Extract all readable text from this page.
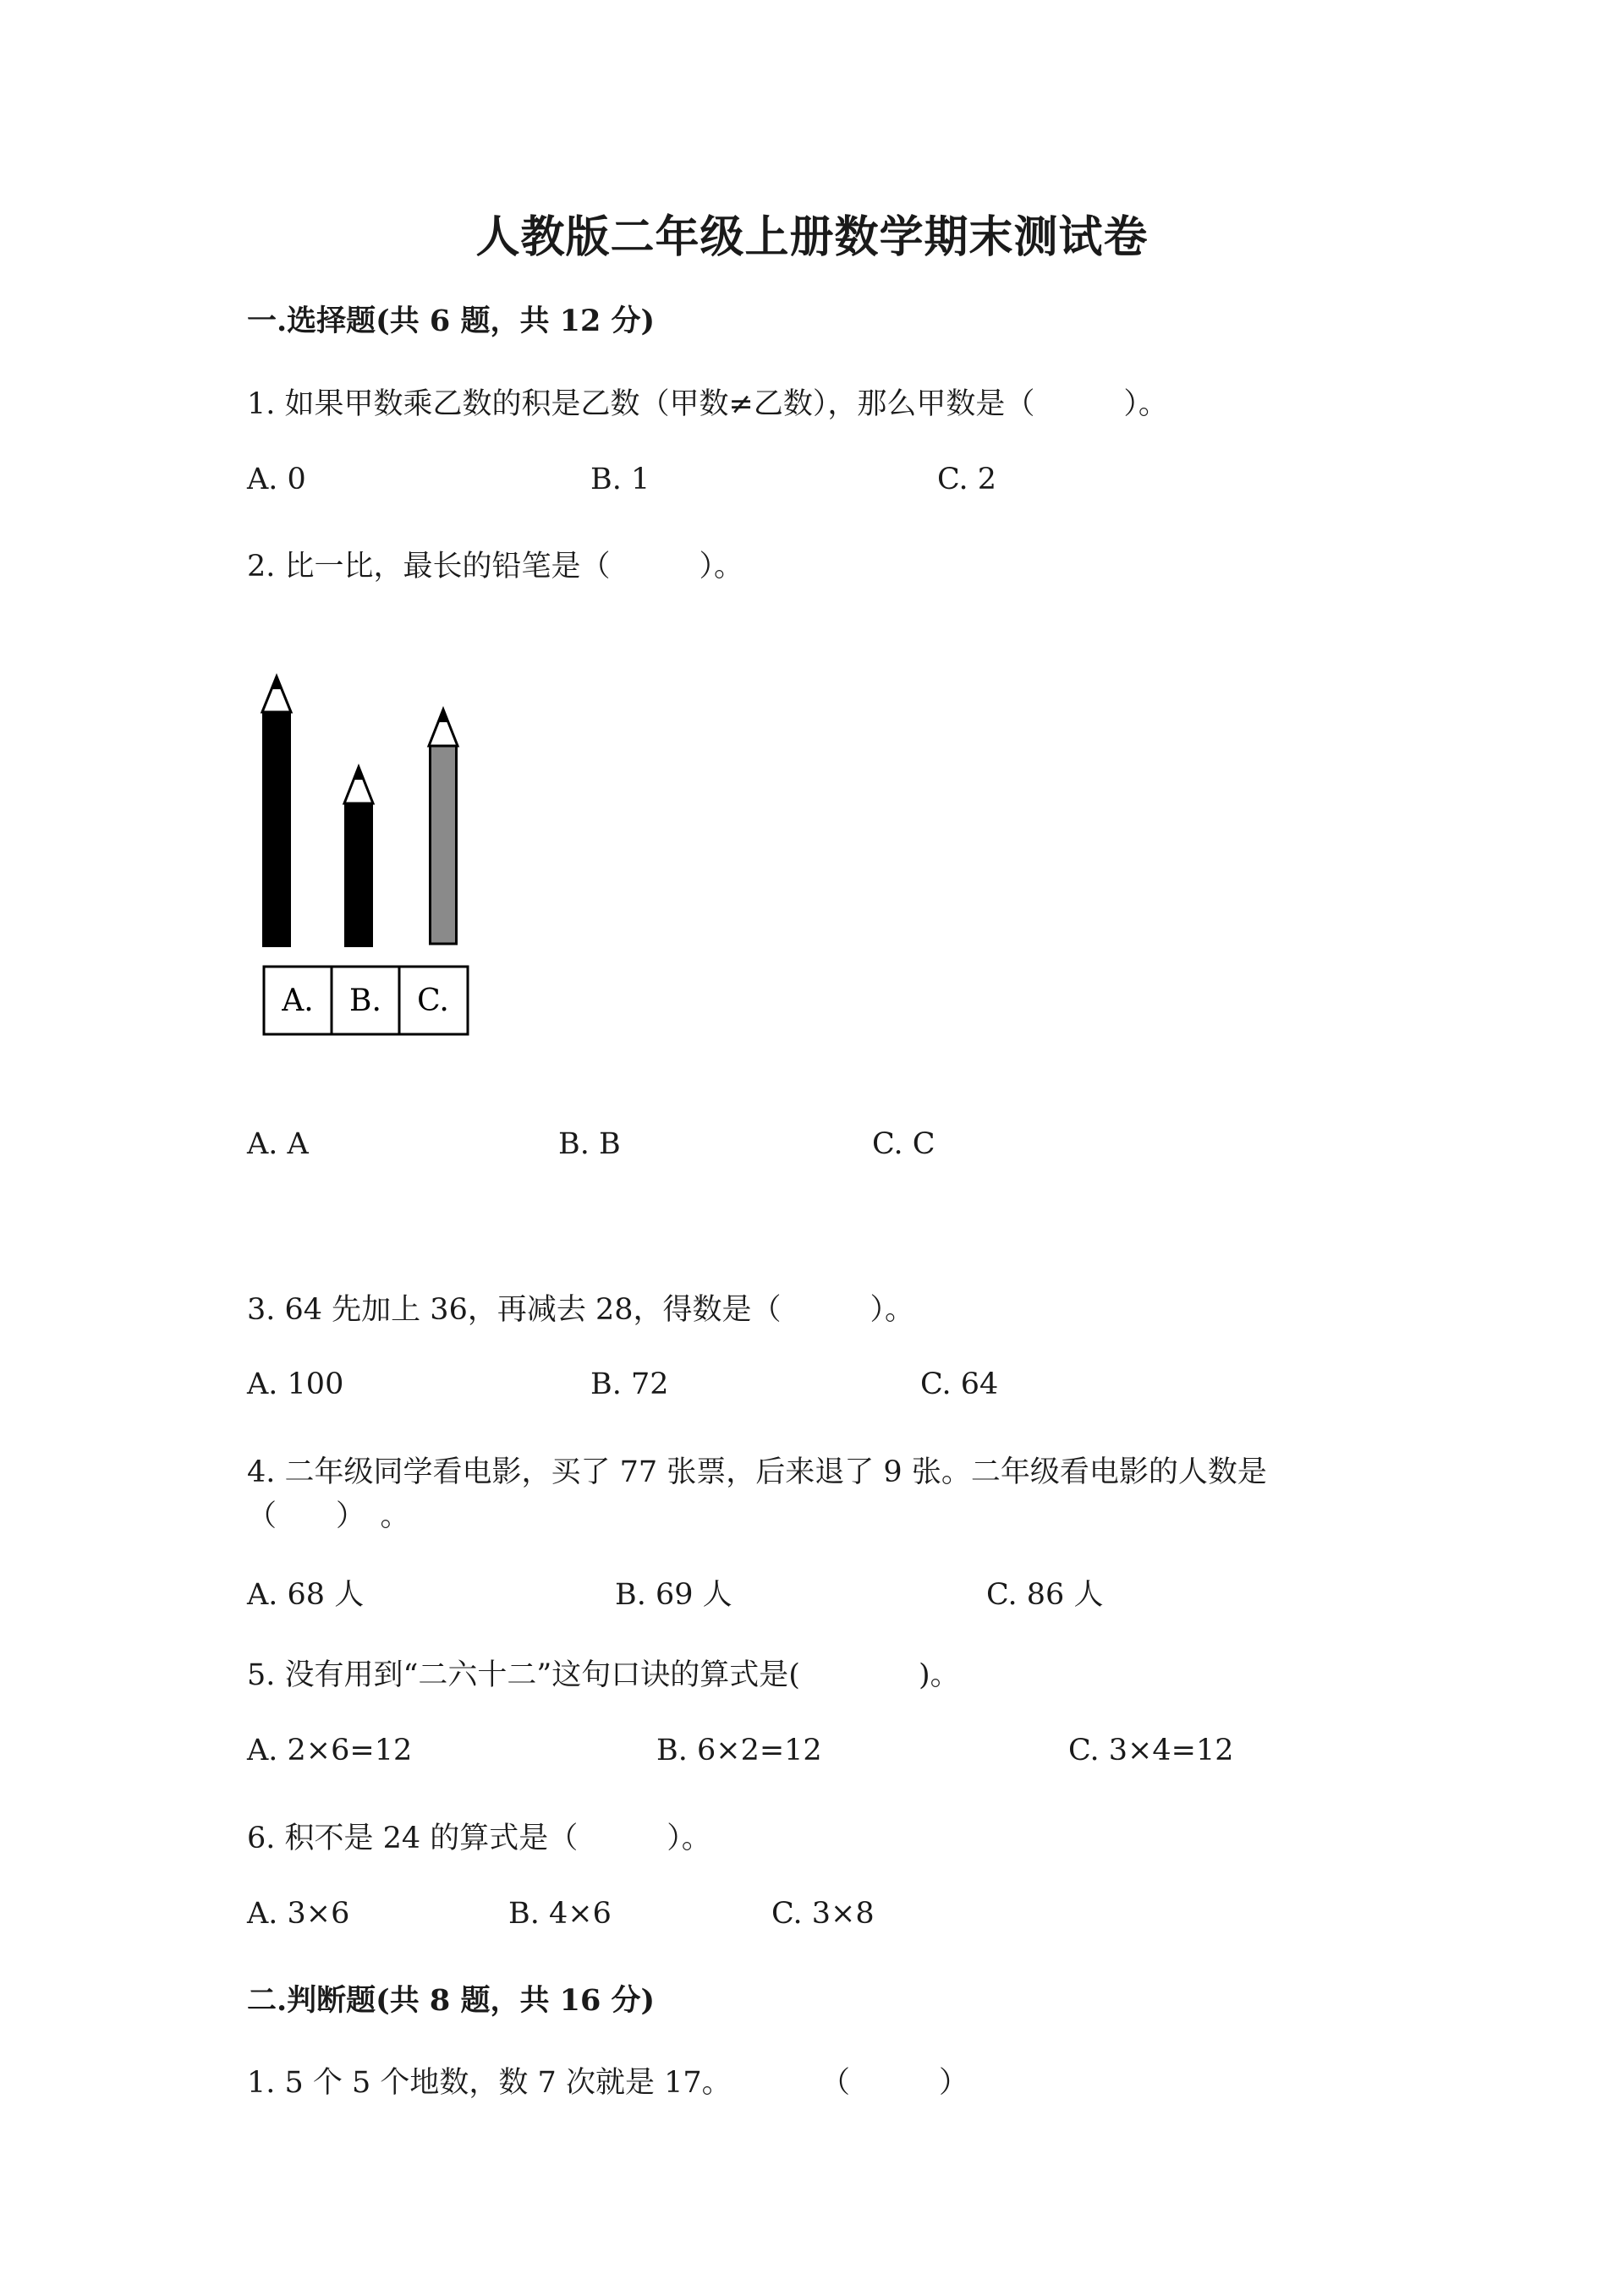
人教版二年级上册数学期末测试卷
一.选择题(共 6 题，共 12 分)
1. 如果甲数乘乙数的积是乙数（甲数≠乙数），那么甲数是（　　　）。
A. 0	B. 1	C. 2
2. 比一比，最长的铅笔是（　　　）。
A. B. C.
A. A	B. B	C. C
3. 64 先加上 36，再减去 28，得数是（　　　）。
A. 100	B. 72	C. 64
4. 二年级同学看电影，买了 77 张票，后来退了 9 张。二年级看电影的人数是
（　　）　。
A. 68 人	B. 69 人	C. 86 人
5. 没有用到“二六十二”这句口诀的算式是(　　　　)。
A. 2×6=12	B. 6×2=12	C. 3×4=12
6. 积不是 24 的算式是（　　　）。
A. 3×6	B. 4×6	C. 3×8
二.判断题(共 8 题，共 16 分)
1. 5 个 5 个地数，数 7 次就是 17。	（　　　）
